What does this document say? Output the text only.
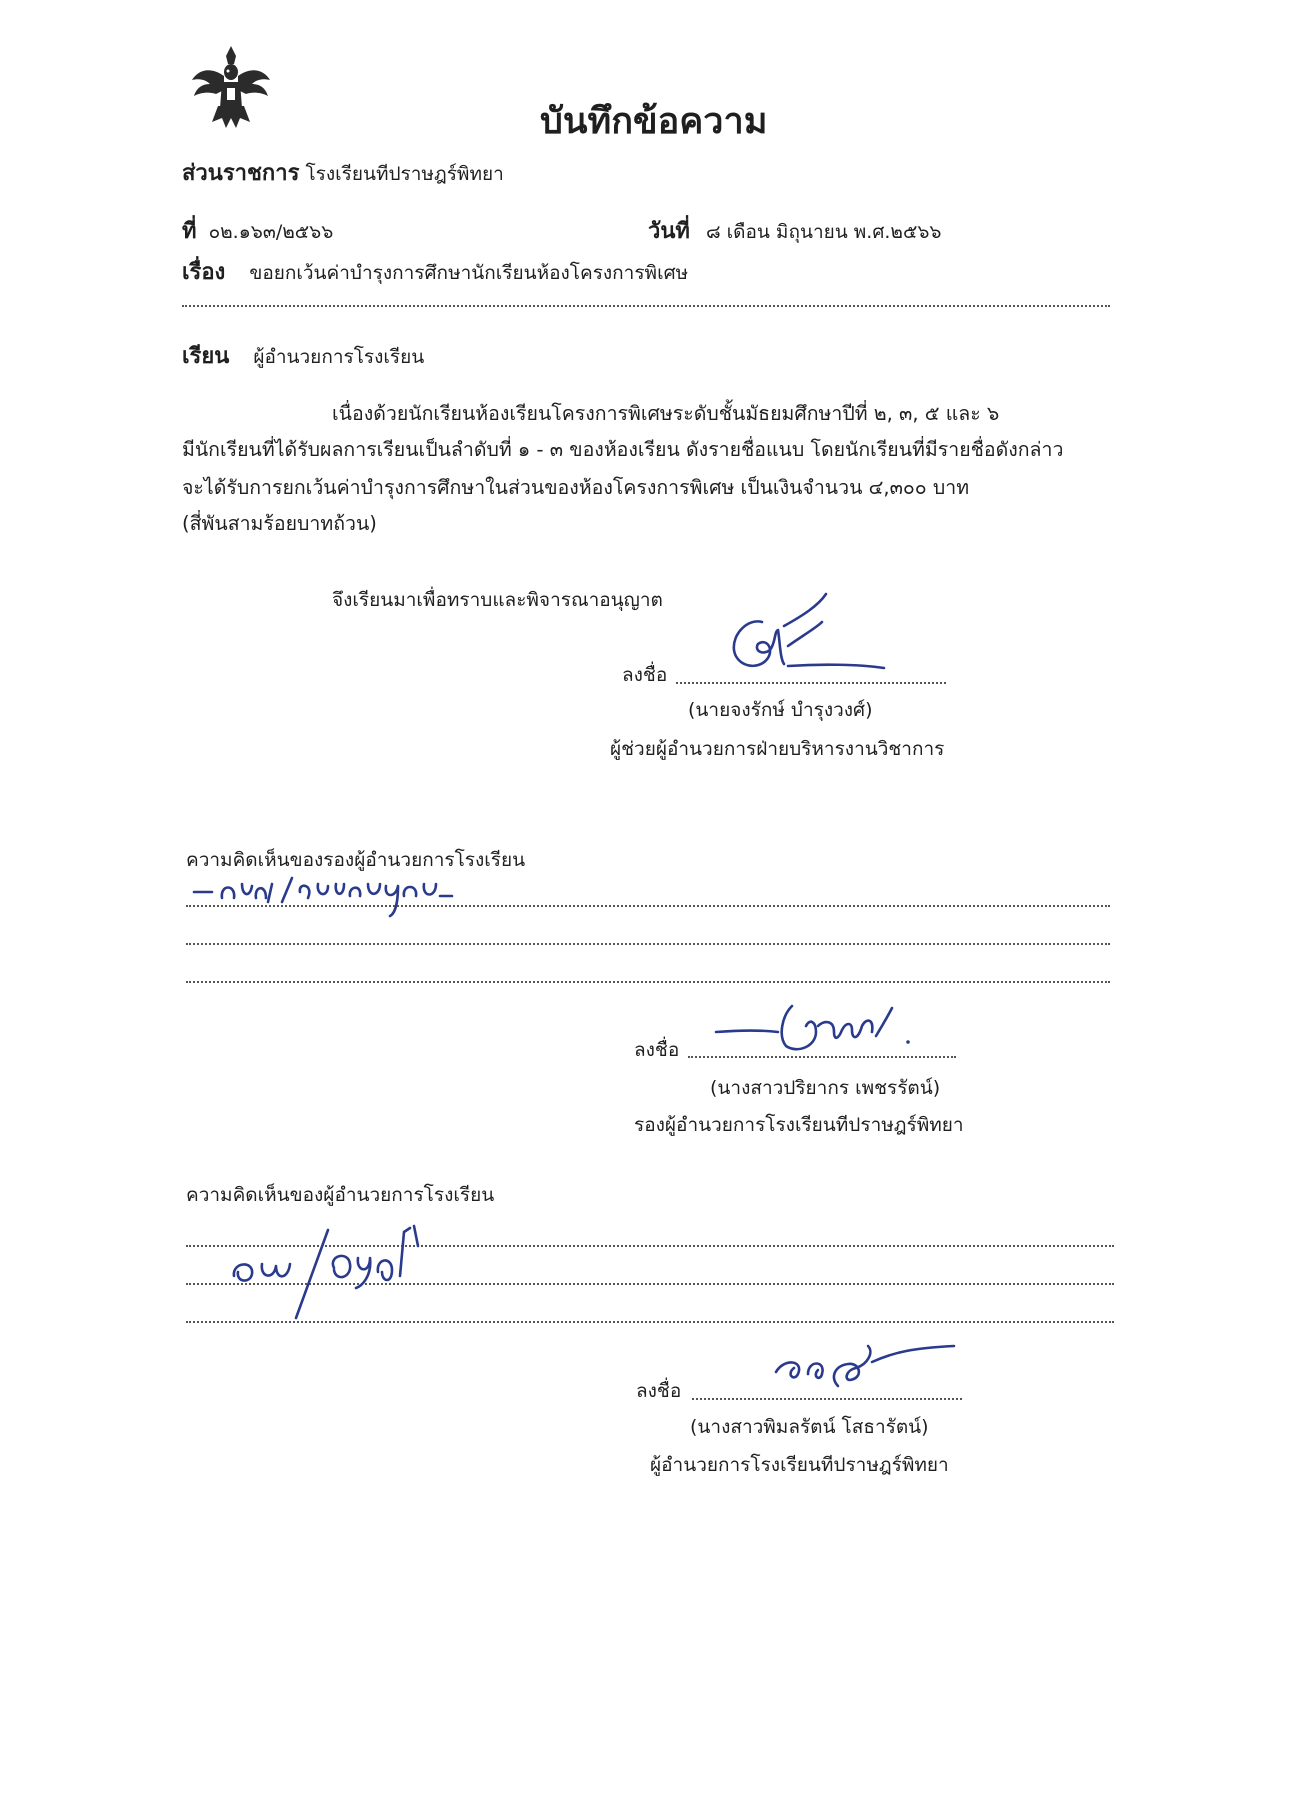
บันทึกข้อความ
ส่วนราชการ โรงเรียนทีปราษฎร์พิทยา
ที่ ๐๒.๑๖๓/๒๕๖๖	วันที่ ๘ เดือน มิถุนายน พ.ศ.๒๕๖๖
เรื่อง ขอยกเว้นค่าบำรุงการศึกษานักเรียนห้องโครงการพิเศษ
เรียน ผู้อำนวยการโรงเรียน
เนื่องด้วยนักเรียนห้องเรียนโครงการพิเศษระดับชั้นมัธยมศึกษาปีที่ ๒, ๓, ๕ และ ๖
มีนักเรียนที่ได้รับผลการเรียนเป็นลำดับที่ ๑ - ๓ ของห้องเรียน ดังรายชื่อแนบ โดยนักเรียนที่มีรายชื่อดังกล่าว
จะได้รับการยกเว้นค่าบำรุงการศึกษาในส่วนของห้องโครงการพิเศษ เป็นเงินจำนวน ๔,๓๐๐ บาท
(สี่พันสามร้อยบาทถ้วน)
จึงเรียนมาเพื่อทราบและพิจารณาอนุญาต
ลงชื่อ
(นายจงรักษ์ บำรุงวงศ์)
ผู้ช่วยผู้อำนวยการฝ่ายบริหารงานวิชาการ
ความคิดเห็นของรองผู้อำนวยการโรงเรียน
ลงชื่อ
(นางสาวปริยากร เพชรรัตน์)
รองผู้อำนวยการโรงเรียนทีปราษฎร์พิทยา
ความคิดเห็นของผู้อำนวยการโรงเรียน
ลงชื่อ
(นางสาวพิมลรัตน์ โสธารัตน์)
ผู้อำนวยการโรงเรียนทีปราษฎร์พิทยา
